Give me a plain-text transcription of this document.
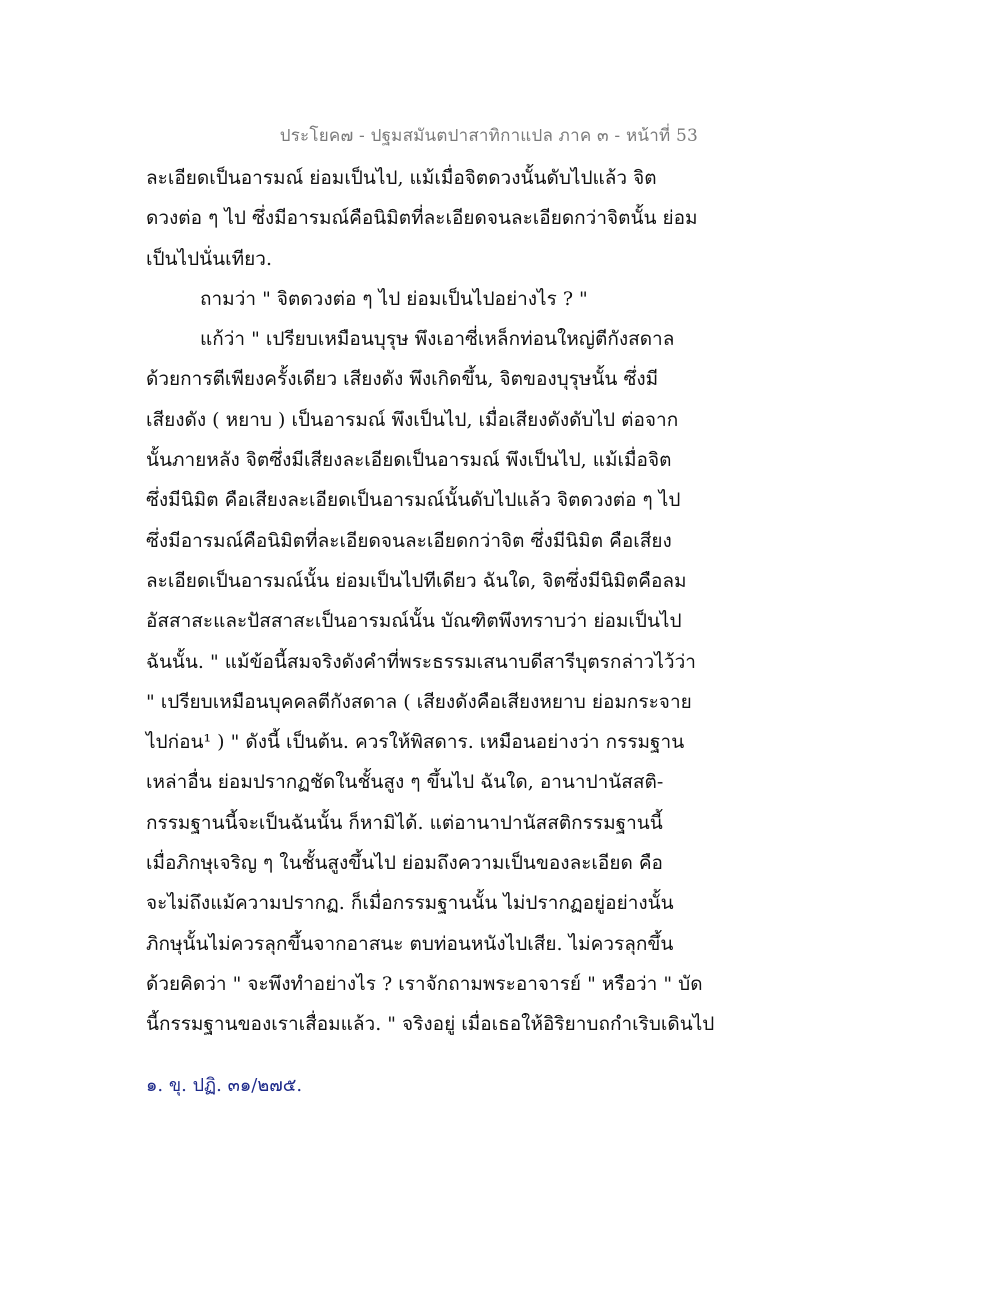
ประโยค๗ - ปฐมสมันตปาสาทิกาแปล ภาค ๓ - หน้าที่ 53
ละเอียดเป็นอารมณ์ ย่อมเป็นไป, แม้เมื่อจิตดวงนั้นดับไปแล้ว จิต
ดวงต่อ ๆ ไป ซึ่งมีอารมณ์คือนิมิตที่ละเอียดจนละเอียดกว่าจิตนั้น ย่อม
เป็นไปนั่นเทียว.
ถามว่า " จิตดวงต่อ ๆ ไป ย่อมเป็นไปอย่างไร ? "
แก้ว่า " เปรียบเหมือนบุรุษ พึงเอาซี่เหล็กท่อนใหญ่ตีกังสดาล
ด้วยการตีเพียงครั้งเดียว เสียงดัง พึงเกิดขึ้น, จิตของบุรุษนั้น ซึ่งมี
เสียงดัง ( หยาบ ) เป็นอารมณ์ พึงเป็นไป, เมื่อเสียงดังดับไป ต่อจาก
นั้นภายหลัง จิตซึ่งมีเสียงละเอียดเป็นอารมณ์ พึงเป็นไป, แม้เมื่อจิต
ซึ่งมีนิมิต คือเสียงละเอียดเป็นอารมณ์นั้นดับไปแล้ว จิตดวงต่อ ๆ ไป
ซึ่งมีอารมณ์คือนิมิตที่ละเอียดจนละเอียดกว่าจิต ซึ่งมีนิมิต คือเสียง
ละเอียดเป็นอารมณ์นั้น ย่อมเป็นไปทีเดียว ฉันใด, จิตซึ่งมีนิมิตคือลม
อัสสาสะและปัสสาสะเป็นอารมณ์นั้น บัณฑิตพึงทราบว่า ย่อมเป็นไป
ฉันนั้น. " แม้ข้อนี้สมจริงดังคำที่พระธรรมเสนาบดีสารีบุตรกล่าวไว้ว่า
" เปรียบเหมือนบุคคลตีกังสดาล ( เสียงดังคือเสียงหยาบ ย่อมกระจาย
ไปก่อน¹ ) " ดังนี้ เป็นต้น. ควรให้พิสดาร. เหมือนอย่างว่า กรรมฐาน
เหล่าอื่น ย่อมปรากฏชัดในชั้นสูง ๆ ขึ้นไป ฉันใด, อานาปานัสสติ-
กรรมฐานนี้จะเป็นฉันนั้น ก็หามิได้. แต่อานาปานัสสติกรรมฐานนี้
เมื่อภิกษุเจริญ ๆ ในชั้นสูงขึ้นไป ย่อมถึงความเป็นของละเอียด คือ
จะไม่ถึงแม้ความปรากฏ. ก็เมื่อกรรมฐานนั้น ไม่ปรากฏอยู่อย่างนั้น
ภิกษุนั้นไม่ควรลุกขึ้นจากอาสนะ ตบท่อนหนังไปเสีย. ไม่ควรลุกขึ้น
ด้วยคิดว่า " จะพึงทำอย่างไร ? เราจักถามพระอาจารย์ " หรือว่า " บัด
นี้กรรมฐานของเราเสื่อมแล้ว. " จริงอยู่ เมื่อเธอให้อิริยาบถกำเริบเดินไป
๑. ขุ. ปฏิ. ๓๑/๒๗๕.
